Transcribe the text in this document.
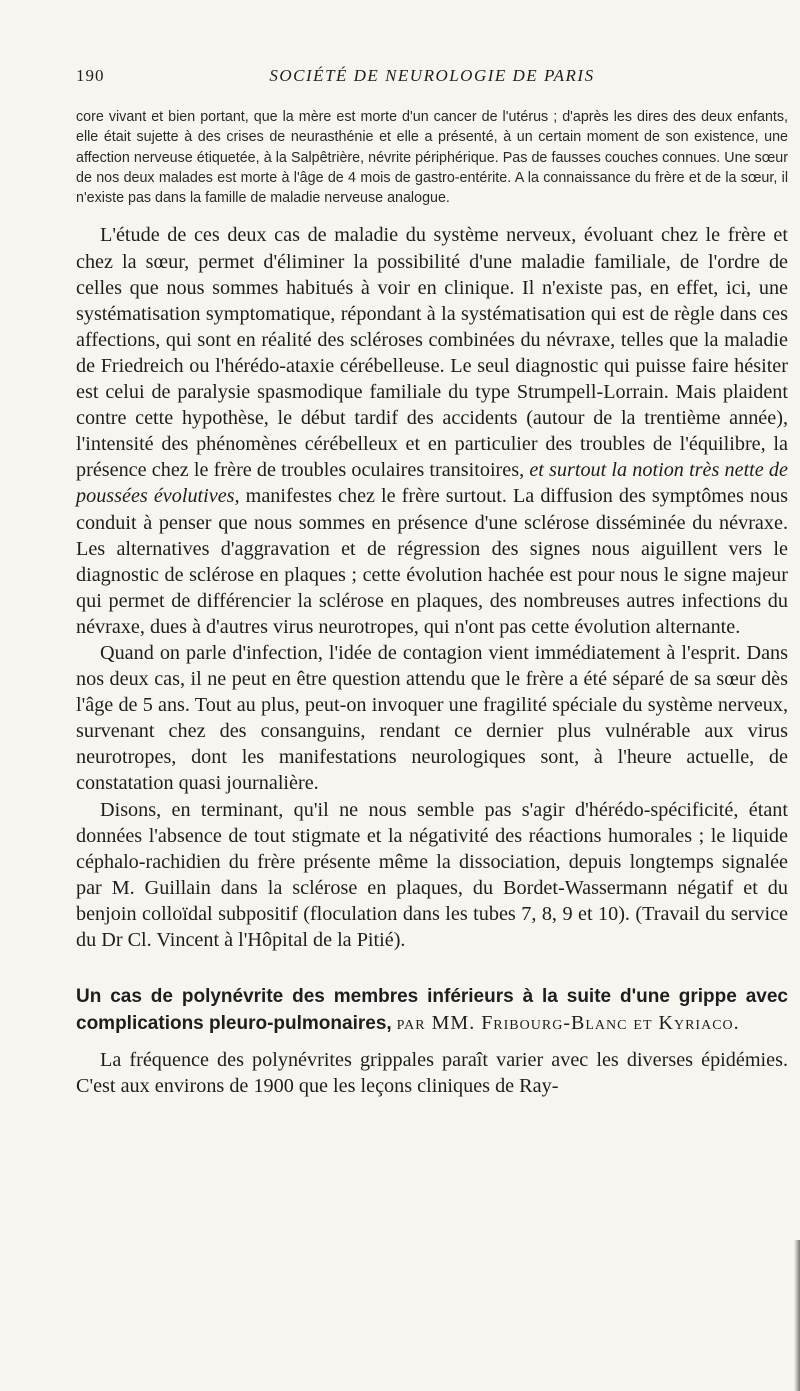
190	SOCIÉTÉ DE NEUROLOGIE DE PARIS
core vivant et bien portant, que la mère est morte d'un cancer de l'utérus ; d'après les dires des deux enfants, elle était sujette à des crises de neurasthénie et elle a présenté, à un certain moment de son existence, une affection nerveuse étiquetée, à la Salpêtrière, névrite périphérique. Pas de fausses couches connues. Une sœur de nos deux malades est morte à l'âge de 4 mois de gastro-entérite. A la connaissance du frère et de la sœur, il n'existe pas dans la famille de maladie nerveuse analogue.

L'étude de ces deux cas de maladie du système nerveux, évoluant chez le frère et chez la sœur, permet d'éliminer la possibilité d'une maladie familiale, de l'ordre de celles que nous sommes habitués à voir en clinique. Il n'existe pas, en effet, ici, une systématisation symptomatique, répondant à la systématisation qui est de règle dans ces affections, qui sont en réalité des scléroses combinées du névraxe, telles que la maladie de Friedreich ou l'hérédo-ataxie cérébelleuse. Le seul diagnostic qui puisse faire hésiter est celui de paralysie spasmodique familiale du type Strumpell-Lorrain. Mais plaident contre cette hypothèse, le début tardif des accidents (autour de la trentième année), l'intensité des phénomènes cérébelleux et en particulier des troubles de l'équilibre, la présence chez le frère de troubles oculaires transitoires, et surtout la notion très nette de poussées évolutives, manifestes chez le frère surtout. La diffusion des symptômes nous conduit à penser que nous sommes en présence d'une sclérose disséminée du névraxe. Les alternatives d'aggravation et de régression des signes nous aiguillent vers le diagnostic de sclérose en plaques ; cette évolution hachée est pour nous le signe majeur qui permet de différencier la sclérose en plaques, des nombreuses autres infections du névraxe, dues à d'autres virus neurotropes, qui n'ont pas cette évolution alternante.

Quand on parle d'infection, l'idée de contagion vient immédiatement à l'esprit. Dans nos deux cas, il ne peut en être question attendu que le frère a été séparé de sa sœur dès l'âge de 5 ans. Tout au plus, peut-on invoquer une fragilité spéciale du système nerveux, survenant chez des consanguins, rendant ce dernier plus vulnérable aux virus neurotropes, dont les manifestations neurologiques sont, à l'heure actuelle, de constatation quasi journalière.

Disons, en terminant, qu'il ne nous semble pas s'agir d'hérédo-spécificité, étant données l'absence de tout stigmate et la négativité des réactions humorales ; le liquide céphalo-rachidien du frère présente même la dissociation, depuis longtemps signalée par M. Guillain dans la sclérose en plaques, du Bordet-Wassermann négatif et du benjoin colloïdal subpositif (floculation dans les tubes 7, 8, 9 et 10). (Travail du service du Dr Cl. Vincent à l'Hôpital de la Pitié).

Un cas de polynévrite des membres inférieurs à la suite d'une grippe avec complications pleuro-pulmonaires, par MM. Fribourg-Blanc et Kyriaco.

La fréquence des polynévrites grippales paraît varier avec les diverses épidémies. C'est aux environs de 1900 que les leçons cliniques de Ray-
